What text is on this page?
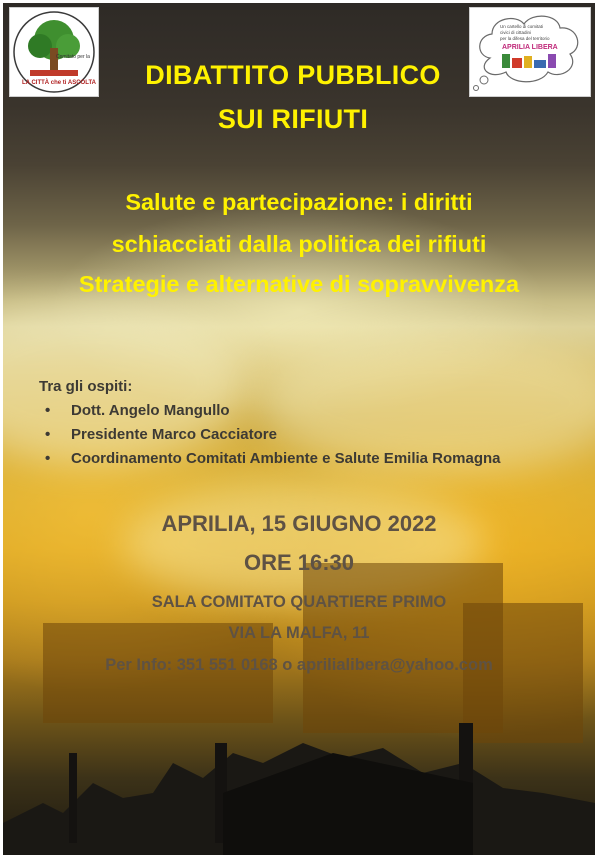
Comitato per la
LA CITTÀ che ti ASCOLTA
Un cartello di comitati
civici di cittadini
per la difesa del territorio
APRILIA LIBERA
DIBATTITO PUBBLICO
SUI RIFIUTI
Salute e partecipazione: i diritti
schiacciati dalla politica dei rifiuti
Strategie e alternative di sopravvivenza
Tra gli ospiti:
• Dott. Angelo Mangullo
• Presidente Marco Cacciatore
• Coordinamento Comitati Ambiente e Salute Emilia Romagna
APRILIA, 15 GIUGNO 2022
ORE 16:30
SALA COMITATO QUARTIERE PRIMO
VIA LA MALFA, 11
Per Info: 351 551 0168 o aprilialibera@yahoo.com
